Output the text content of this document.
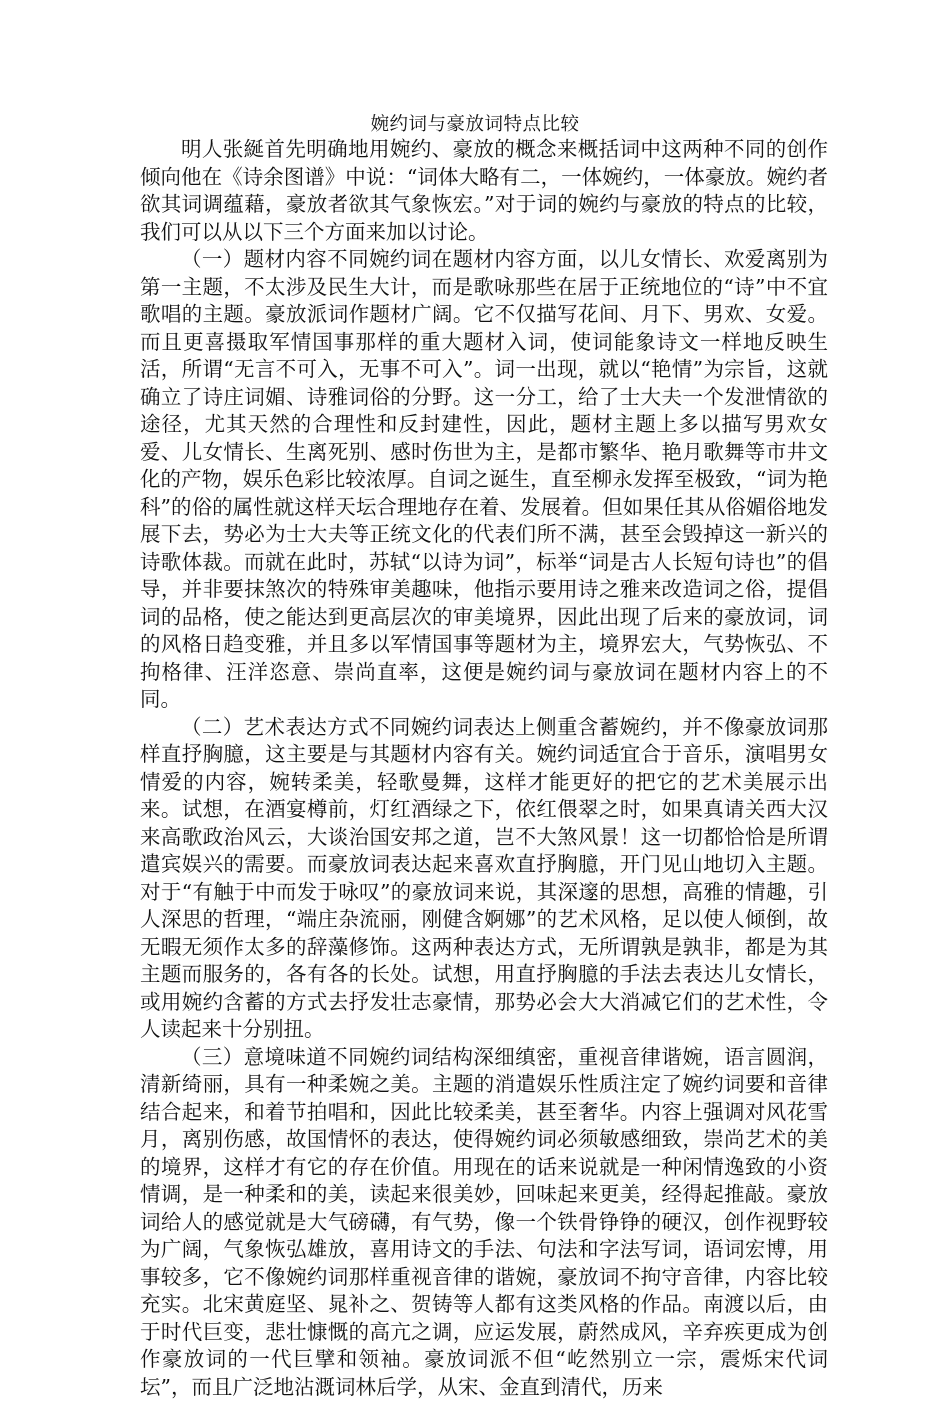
婉约词与豪放词特点比较

明人张綖首先明确地用婉约、豪放的概念来概括词中这两种不同的创作倾向他在《诗余图谱》中说：“词体大略有二，一体婉约，一体豪放。婉约者欲其词调蕴藉，豪放者欲其气象恢宏。”对于词的婉约与豪放的特点的比较，我们可以从以下三个方面来加以讨论。

（一）题材内容不同婉约词在题材内容方面，以儿女情长、欢爱离别为第一主题，不太涉及民生大计，而是歌咏那些在居于正统地位的“诗”中不宜歌唱的主题。豪放派词作题材广阔。它不仅描写花间、月下、男欢、女爱。而且更喜摄取军情国事那样的重大题材入词，使词能象诗文一样地反映生活，所谓“无言不可入，无事不可入”。词一出现，就以“艳情”为宗旨，这就确立了诗庄词媚、诗雅词俗的分野。这一分工，给了士大夫一个发泄情欲的途径，尤其天然的合理性和反封建性，因此，题材主题上多以描写男欢女爱、儿女情长、生离死别、感时伤世为主，是都市繁华、艳月歌舞等市井文化的产物，娱乐色彩比较浓厚。自词之诞生，直至柳永发挥至极致，“词为艳科”的俗的属性就这样天坛合理地存在着、发展着。但如果任其从俗媚俗地发展下去，势必为士大夫等正统文化的代表们所不满，甚至会毁掉这一新兴的诗歌体裁。而就在此时，苏轼“以诗为词”，标举“词是古人长短句诗也”的倡导，并非要抹煞次的特殊审美趣味，他指示要用诗之雅来改造词之俗，提倡词的品格，使之能达到更高层次的审美境界，因此出现了后来的豪放词，词的风格日趋变雅，并且多以军情国事等题材为主，境界宏大，气势恢弘、不拘格律、汪洋恣意、崇尚直率，这便是婉约词与豪放词在题材内容上的不同。

（二）艺术表达方式不同婉约词表达上侧重含蓄婉约，并不像豪放词那样直抒胸臆，这主要是与其题材内容有关。婉约词适宜合于音乐，演唱男女情爱的内容，婉转柔美，轻歌曼舞，这样才能更好的把它的艺术美展示出来。试想，在酒宴樽前，灯红酒绿之下，依红偎翠之时，如果真请关西大汉来高歌政治风云，大谈治国安邦之道，岂不大煞风景！这一切都恰恰是所谓遣宾娱兴的需要。而豪放词表达起来喜欢直抒胸臆，开门见山地切入主题。对于“有触于中而发于咏叹”的豪放词来说，其深邃的思想，高雅的情趣，引人深思的哲理，“端庄杂流丽，刚健含婀娜”的艺术风格，足以使人倾倒，故无暇无须作太多的辞藻修饰。这两种表达方式，无所谓孰是孰非，都是为其主题而服务的，各有各的长处。试想，用直抒胸臆的手法去表达儿女情长，或用婉约含蓄的方式去抒发壮志豪情，那势必会大大消减它们的艺术性，令人读起来十分别扭。

（三）意境味道不同婉约词结构深细缜密，重视音律谐婉，语言圆润，清新绮丽，具有一种柔婉之美。主题的消遣娱乐性质注定了婉约词要和音律结合起来，和着节拍唱和，因此比较柔美，甚至奢华。内容上强调对风花雪月，离别伤感，故国情怀的表达，使得婉约词必须敏感细致，崇尚艺术的美的境界，这样才有它的存在价值。用现在的话来说就是一种闲情逸致的小资情调，是一种柔和的美，读起来很美妙，回味起来更美，经得起推敲。豪放词给人的感觉就是大气磅礴，有气势，像一个铁骨铮铮的硬汉，创作视野较为广阔，气象恢弘雄放，喜用诗文的手法、句法和字法写词，语词宏博，用事较多，它不像婉约词那样重视音律的谐婉，豪放词不拘守音律，内容比较充实。北宋黄庭坚、晁补之、贺铸等人都有这类风格的作品。南渡以后，由于时代巨变，悲壮慷慨的高亢之调，应运发展，蔚然成风，辛弃疾更成为创作豪放词的一代巨擘和领袖。豪放词派不但“屹然别立一宗，震烁宋代词坛”，而且广泛地沾溉词林后学，从宋、金直到清代，历来
